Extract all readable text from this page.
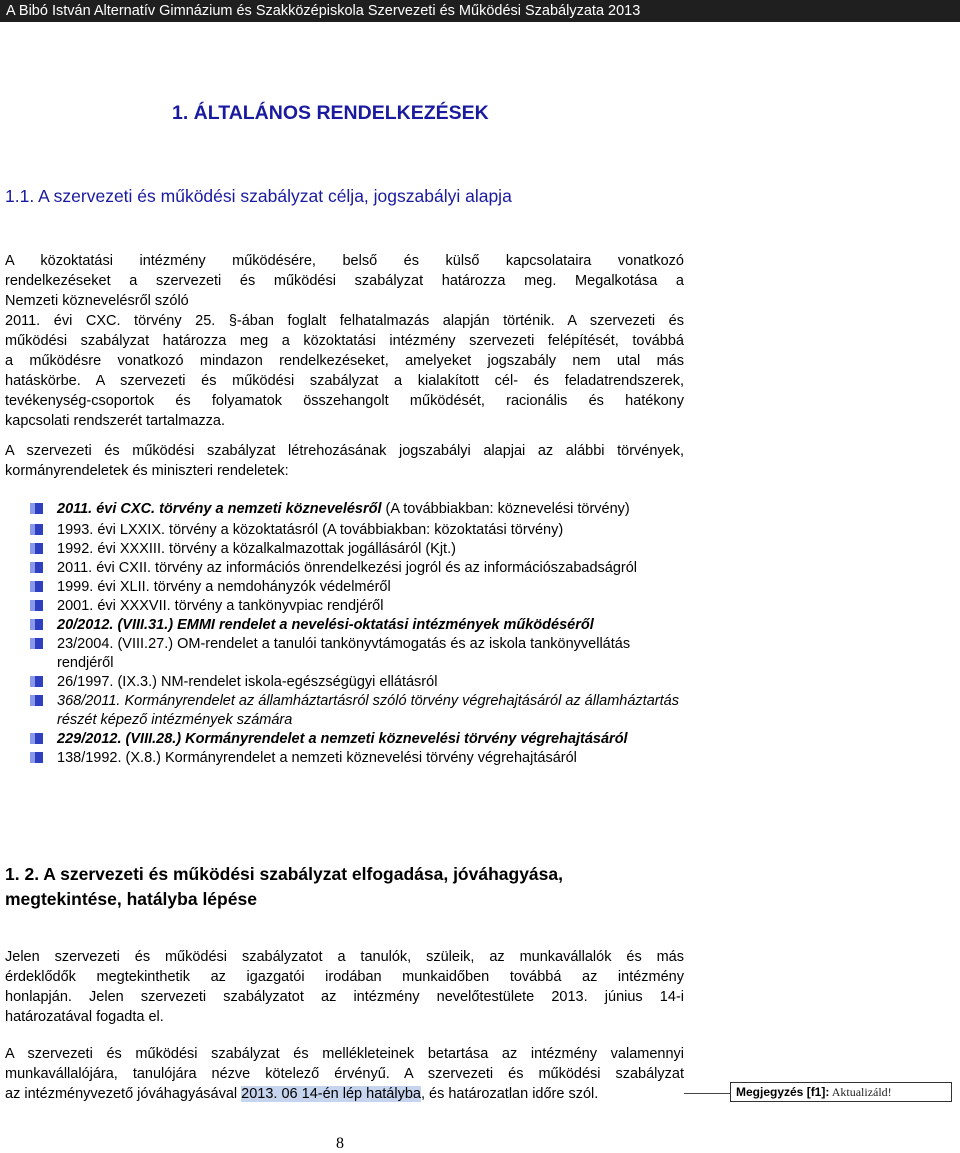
A Bibó István Alternatív Gimnázium és Szakközépiskola Szervezeti és Működési Szabályzata 2013
1. ÁLTALÁNOS RENDELKEZÉSEK
1.1. A szervezeti és működési szabályzat célja, jogszabályi alapja
A közoktatási intézmény működésére, belső és külső kapcsolataira vonatkozó
rendelkezéseket a szervezeti és működési szabályzat határozza meg. Megalkotása a
Nemzeti köznevelésről szóló
2011. évi CXC. törvény 25. §-ában foglalt felhatalmazás alapján történik. A szervezeti és
működési szabályzat határozza meg a közoktatási intézmény szervezeti felépítését, továbbá
a működésre vonatkozó mindazon rendelkezéseket, amelyeket jogszabály nem utal más
hatáskörbe. A szervezeti és működési szabályzat a kialakított cél- és feladatrendszerek,
tevékenység-csoportok és folyamatok összehangolt működését, racionális és hatékony
kapcsolati rendszerét tartalmazza.
A szervezeti és működési szabályzat létrehozásának jogszabályi alapjai az alábbi törvények,
kormányrendeletek és miniszteri rendeletek:
2011. évi CXC. törvény a nemzeti köznevelésről (A továbbiakban: köznevelési törvény)
1993. évi LXXIX. törvény a közoktatásról (A továbbiakban: közoktatási törvény)
1992. évi XXXIII. törvény a közalkalmazottak jogállásáról (Kjt.)
2011. évi CXII. törvény az információs önrendelkezési jogról és az információszabadságról
1999. évi XLII. törvény a nemdohányzók védelméről
2001. évi XXXVII. törvény a tankönyvpiac rendjéről
20/2012. (VIII.31.) EMMI rendelet a nevelési-oktatási intézmények működéséről
23/2004. (VIII.27.) OM-rendelet a tanulói tankönyvtámogatás és az iskola tankönyvellátás rendjéről
26/1997. (IX.3.) NM-rendelet iskola-egészségügyi ellátásról
368/2011. Kormányrendelet az államháztartásról szóló törvény végrehajtásáról az államháztartás részét képező intézmények számára
229/2012. (VIII.28.) Kormányrendelet a nemzeti köznevelési törvény végrehajtásáról
138/1992. (X.8.) Kormányrendelet a nemzeti köznevelési törvény végrehajtásáról
1. 2. A szervezeti és működési szabályzat elfogadása, jóváhagyása,
megtekintése, hatályba lépése
Jelen szervezeti és működési szabályzatot a tanulók, szüleik, az munkavállalók és más
érdeklődők megtekinthetik az igazgatói irodában munkaidőben továbbá az intézmény
honlapján. Jelen szervezeti szabályzatot az intézmény nevelőtestülete 2013. június 14-i
határozatával fogadta el.
A szervezeti és működési szabályzat és mellékleteinek betartása az intézmény valamennyi
munkavállalójára, tanulójára nézve kötelező érvényű. A szervezeti és működési szabályzat
az intézményvezető jóváhagyásával 2013. 06 14-én lép hatályba, és határozatlan időre szól.	Megjegyzés [f1]: Aktualizáld!
8
